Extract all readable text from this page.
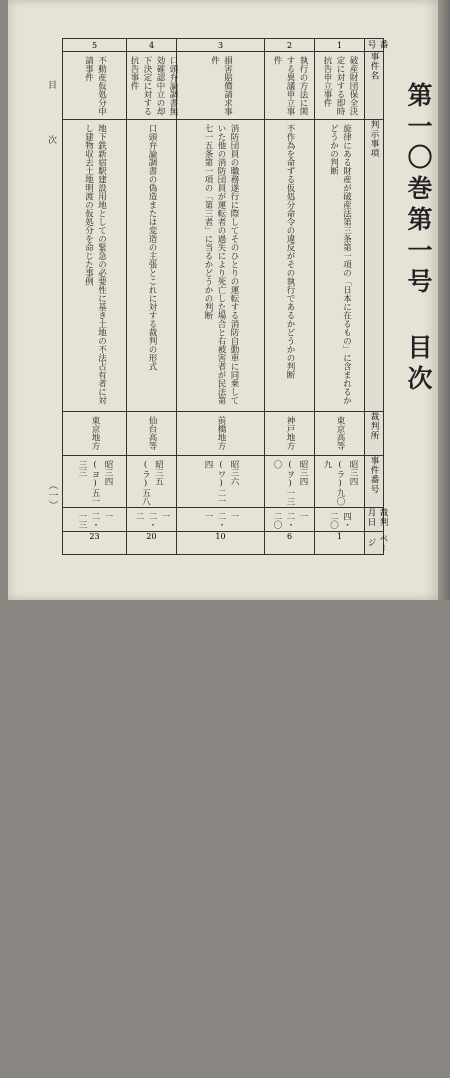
第一〇巻第一号 目次
目 次
（一）
5	4	3	2	1	番号

不動産仮処分申請事件	口頭弁論調書無効確認中立の却下決定に対する抗告事件	損害賠償請求事件	執行の方法に関する異議申立事件	破産財団保全決定に対する即時抗告申立事件	事件名

地下鉄新宿駅建設用地としての緊急の必要性に基き土地の不法占有者に対し建物収去土地明渡の仮処分を命じた事例	口頭弁論調書の偽造または変造の主張とこれに対する裁判の形式	消防団員の職務遂行に際してそのひとりの運転する消防自動車に同乗していた他の消防団員が運転者の過失により死亡した場合と右被害者が民法第七一五条第一項の「第三者」に当るかどうかの判断	不作為を命ずる仮処分命令の違反がその執行であるかどうかの判断	旋律にある財産が破産法第三条第一項の「日本に在るもの」に含まれるかどうかの判断	判示事項

東京地方	仙台高等	前橋地方	神戸地方	東京高等	裁判所

昭三四(ヨ)五一三三	昭三五(ラ)五八	昭三六(ワ)二一四	昭三四(ヲ)一三〇	昭三四(ラ)九〇九	事件番号

一二・一三	一二・二	一二・一	一二・二〇	四・二〇	裁判月日

23	20	10	6	1	ページ
